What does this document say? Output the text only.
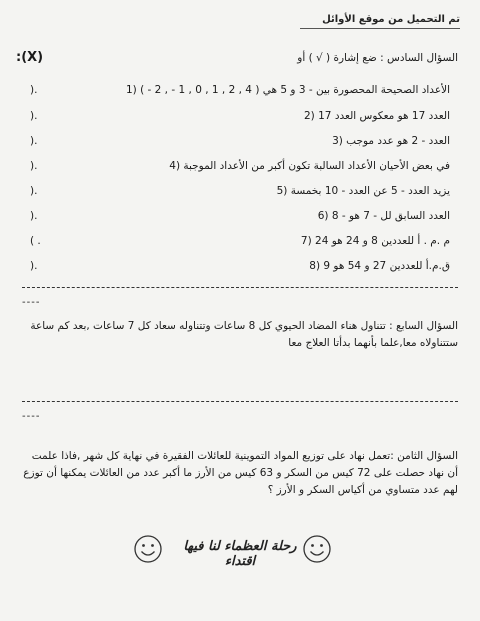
تم التحميل من موقع الأوائل
السؤال السادس : ضع إشارة ( √ ) أو
:(X)
الأعداد الصحيحة المحصورة بين - 3 و 5 هي ( 4 , 2 , 1 , 0 , 1 - , 2 - ) (1
).
العدد 17 هو معكوس العدد 17 (2
).
العدد - 2 هو عدد موجب (3
).
في بعض الأحيان الأعداد السالبة تكون أكبر من الأعداد الموجبة (4
).
يزيد العدد - 5 عن العدد - 10 بخمسة (5
).
العدد السابق لل - 7 هو - 8 (6
).
م .م . أ للعددين 8 و 24 هو 24 (7
( .
ق.م.أ للعددين 27 و 54 هو 9 (8
).
----
السؤال السابع : تتناول هناء المضاد الحيوي كل 8 ساعات وتتناوله سعاد كل 7 ساعات ,بعد كم ساعة ستتناولاه معا,علما بأنهما بدأتا العلاج معا
----
السؤال الثامن :تعمل نهاد على توزيع المواد التموينية للعائلات الفقيرة في نهاية كل شهر ,فاذا علمت أن نهاد حصلت على 72 كيس من السكر و 63 كيس من الأرز ما أكبر عدد من العائلات يمكنها أن توزع لهم عدد متساوي من أكياس السكر و الأرز ؟
رحلة العظماء لنا فيها اقتداء
